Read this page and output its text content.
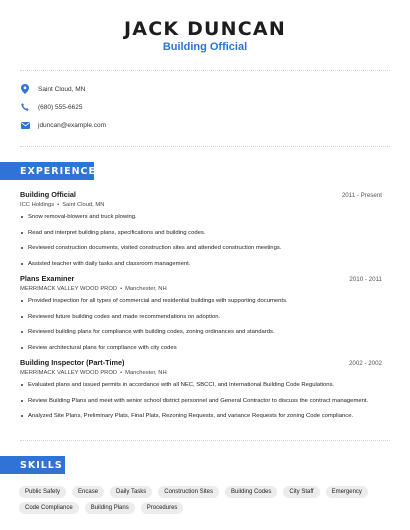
JACK DUNCAN
Building Official
Saint Cloud, MN
(680) 555-6625
jduncan@example.com
EXPERIENCE
Building Official	2011 - Present
ICC Holdings • Saint Cloud, MN
Snow removal-blowers and truck plowing.
Read and interpret building plans, specifications and building codes.
Reviewed construction documents, visited construction sites and attended construction meetings.
Assisted teacher with daily tasks and classroom management.
Plans Examiner	2010 - 2011
MERRIMACK VALLEY WOOD PROD • Manchester, NH
Provided inspection for all types of commercial and residential buildings with supporting documents.
Reviewed future building codes and made recommendations on adoption.
Reviewed building plans for compliance with building codes, zoning ordinances and standards.
Review architectural plans for compliance with city codes
Building Inspector (Part-Time)	2002 - 2002
MERRIMACK VALLEY WOOD PROD • Manchester, NH
Evaluated plans and issued permits in accordance with all NEC, SBCCI, and International Building Code Regulations.
Review Building Plans and meet with senior school district personnel and General Contractor to discuss the contract management.
Analyzed Site Plans, Preliminary Plats, Final Plats, Rezoning Requests, and variance Requests for zoning Code compliance.
SKILLS
Public Safety	Encase	Daily Tasks	Construction Sites	Building Codes	City Staff	Emergency
Code Compliance	Building Plans	Procedures
